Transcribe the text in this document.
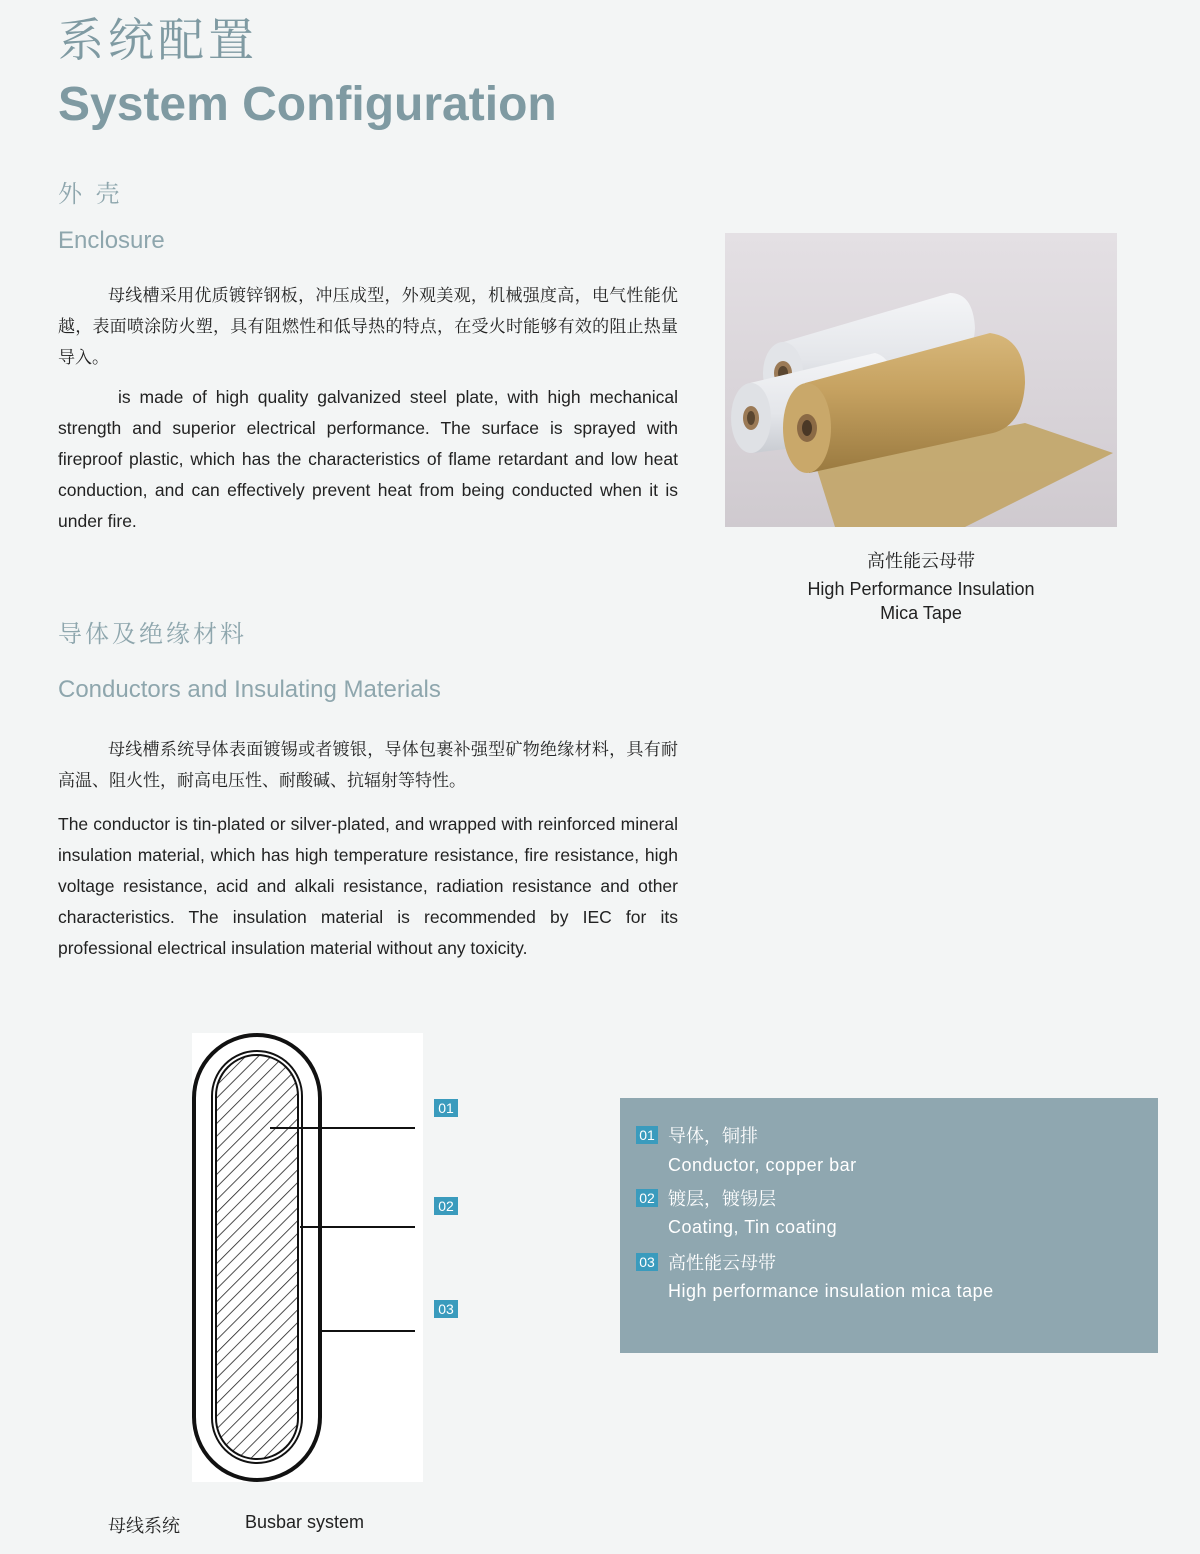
系统配置
System Configuration
外 壳
Enclosure
母线槽采用优质镀锌钢板，冲压成型，外观美观，机械强度高，电气性能优越，表面喷涂防火塑，具有阻燃性和低导热的特点，在受火时能够有效的阻止热量导入。
is made of high quality galvanized steel plate, with high mechanical strength and superior electrical performance. The surface is sprayed with fireproof plastic, which has the characteristics of flame retardant and low heat conduction, and can effectively prevent heat from being conducted when it is under fire.
高性能云母带
High Performance Insulation
Mica Tape
导体及绝缘材料
Conductors and Insulating Materials
母线槽系统导体表面镀锡或者镀银，导体包裹补强型矿物绝缘材料，具有耐高温、阻火性，耐高电压性、耐酸碱、抗辐射等特性。
The conductor is tin-plated or silver-plated, and wrapped with reinforced mineral insulation material, which has high temperature resistance, fire resistance, high voltage resistance, acid and alkali resistance, radiation resistance and other characteristics. The insulation material is recommended by IEC for its professional electrical insulation material without any toxicity.
01
02
03
01 导体，铜排
Conductor, copper bar
02 镀层，镀锡层
Coating, Tin coating
03 高性能云母带
High performance insulation mica tape
母线系统	Busbar system
